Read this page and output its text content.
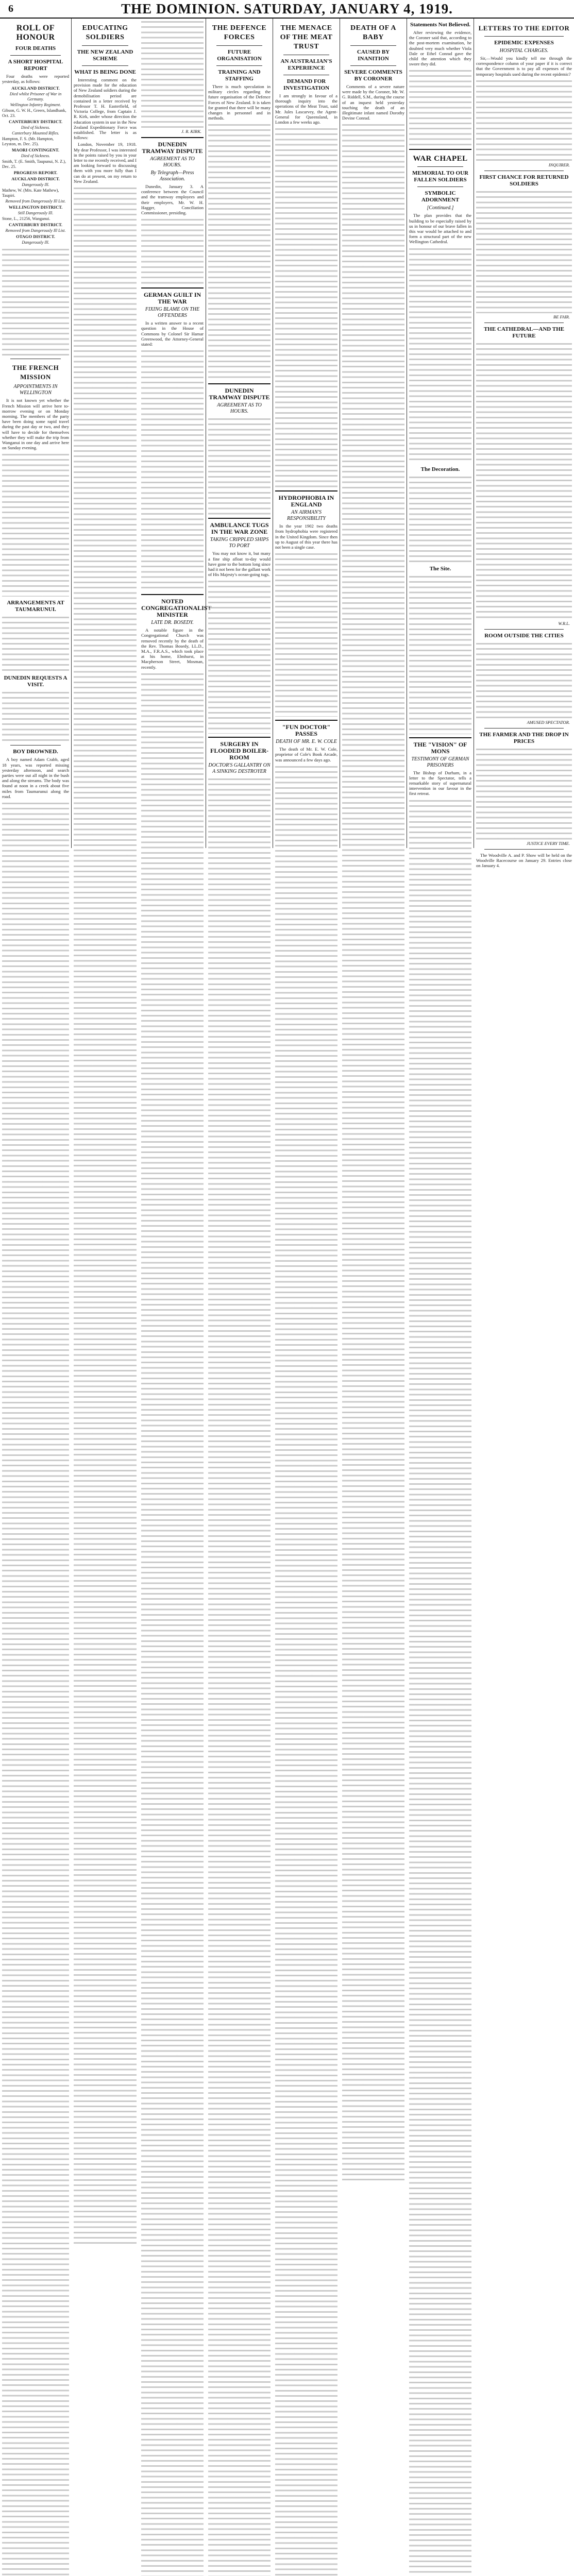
6	THE DOMINION. SATURDAY, JANUARY 4, 1919.
ROLL OF HONOUR
FOUR DEATHS
A SHORT HOSPITAL REPORT

Four deaths were reported yesterday, as follows:

AUCKLAND DISTRICT.
Died whilst Prisoner of War in Germany.
Wellington Infantry Regiment.
Gibson, G. W. H., Greers, Islandbank, Oct. 23.
CANTERBURY DISTRICT.
Died of Sickness.
Canterbury Mounted Rifles.
Hampton, F. S. (Mr. Hampton, Leyston, m. Dec. 25).
MAORI CONTINGENT.
Died of Sickness.
Smith, T. (E. Smith, Taupunui, N. Z.), Dec. 25.
PROGRESS REPORT.
AUCKLAND DISTRICT.
Dangerously Ill.
Mathew, W. (Mrs. Kate Mathew), Taupiri.
Removed from Dangerously Ill List.
WELLINGTON DISTRICT.
Still Dangerously Ill.
Stone, L., 21256, Wanganui.
CANTERBURY DISTRICT.
Removed from Dangerously Ill List.
OTAGO DISTRICT.
Dangerously Ill.
THE FRENCH MISSION
APPOINTMENTS IN WELLINGTON

It is not known yet whether the French Mission will arrive here to-morrow evening or on Monday morning. The members of the party have been doing some rapid travel during the past day or two, and they will have to decide for themselves whether they will make the trip from Wanganui in one day and arrive here on Sunday evening.

ARRANGEMENTS AT TAUMARUNUI.
DUNEDIN REQUESTS A VISIT.
BOY DROWNED.

A boy named Adam Crabb, aged 18 years, was reported missing yesterday afternoon, and search parties were out all night in the bush and along the streams. The body was found at noon in a creek about five miles from Taumarunui along the road.

EDUCATING SOLDIERS
THE NEW ZEALAND SCHEME
WHAT IS BEING DONE

Interesting comment on the provision made for the education of New Zealand soldiers during the demobilisation period are contained in a letter received by Professor T. H. Easterfield, of Victoria College, from Captain J. R. Kirk, under whose direction the education system in use in the New Zealand Expeditionary Force was established. The letter is as follows:

London, November 19, 1918. My dear Professor, I was interested in the points raised by you in your letter to me recently received, and I am looking forward to discussing them with you more fully than I can do at present, on my return to New Zealand.

J. R. KIRK.
DUNEDIN TRAMWAY DISPUTE
AGREEMENT AS TO HOURS.
By Telegraph—Press Association.

Dunedin, January 3. A conference between the Council and the tramway employees and their employers, Mr. W. H. Hagger, Conciliation Commissioner, presiding.

GERMAN GUILT IN THE WAR
FIXING BLAME ON THE OFFENDERS

In a written answer to a recent question in the House of Commons by Colonel Sir Hamar Greenwood, the Attorney-General stated:

NOTED CONGREGATIONALIST MINISTER
LATE DR. BOSEDY.

A notable figure in the Congregational Church was removed recently by the death of the Rev. Thomas Bosedy, LL.D., M.A., F.R.A.S., which took place at his home, Elmhurst, in Macpherson Street, Mosman, recently.

THE DEFENCE FORCES
FUTURE ORGANISATION
TRAINING AND STAFFING

There is much speculation in military circles regarding the future organisation of the Defence Forces of New Zealand. It is taken for granted that there will be many changes in personnel and in methods.

DUNEDIN TRAMWAY DISPUTE
AGREEMENT AS TO HOURS.
AMBULANCE TUGS IN THE WAR ZONE
TAKING CRIPPLED SHIPS TO PORT

You may not know it, but many a fine ship afloat to-day would have gone to the bottom long since had it not been for the gallant work of His Majesty's ocean-going tugs.

SURGERY IN FLOODED BOILER-ROOM
DOCTOR'S GALLANTRY ON A SINKING DESTROYER
THE MENACE OF THE MEAT TRUST
AN AUSTRALIAN'S EXPERIENCE
DEMAND FOR INVESTIGATION

I am strongly in favour of a thorough inquiry into the operations of the Meat Trust, said Mr. Jules Lascarvey, the Agent-General for Queensland, in London a few weeks ago.

HYDROPHOBIA IN ENGLAND
AN AIRMAN'S RESPONSIBILITY

In the year 1902 two deaths from hydrophobia were registered in the United Kingdom. Since then up to August of this year there has not been a single case.

"FUN DOCTOR" PASSES
DEATH OF MR. E. W. COLE

The death of Mr. E. W. Cole, proprietor of Cole's Book Arcade, was announced a few days ago.

DEATH OF A BABY
CAUSED BY INANITION
SEVERE COMMENTS BY CORONER

Comments of a severe nature were made by the Coroner, Mr. W. G. Riddell, S.M., during the course of an inquest held yesterday touching the death of an illegitimate infant named Dorothy Devine Conrad.

Statements Not Believed.

After reviewing the evidence, the Coroner said that, according to the post-mortem examination, he doubted very much whether Viola Dale or Ethel Conrad gave the child the attention which they swore they did.

WAR CHAPEL
MEMORIAL TO OUR FALLEN SOLDIERS
SYMBOLIC ADORNMENT
[Continued.]

The plan provides that the building to be especially raised by us in honour of our brave fallen in this war would be attached to and form a structural part of the new Wellington Cathedral.

The Decoration.
The Site.
THE "VISION" OF MONS
TESTIMONY OF GERMAN PRISONERS

The Bishop of Durham, in a letter to the Spectator, tells a remarkable story of supernatural intervention in our favour in the first retreat.

LETTERS TO THE EDITOR
EPIDEMIC EXPENSES
HOSPITAL CHARGES.

Sir,—Would you kindly tell me through the correspondence column of your paper if it is correct that the Government is to pay all expenses of the temporary hospitals used during the recent epidemic?

INQUIRER.
FIRST CHANCE FOR RETURNED SOLDIERS
BE FAIR.
THE CATHEDRAL—AND THE FUTURE
W.R.L.
ROOM OUTSIDE THE CITIES
AMUSED SPECTATOR.
THE FARMER AND THE DROP IN PRICES
JUSTICE EVERY TIME.

The Woodville A. and P. Show will be held on the Woodville Racecourse on January 29. Entries close on January 4.
